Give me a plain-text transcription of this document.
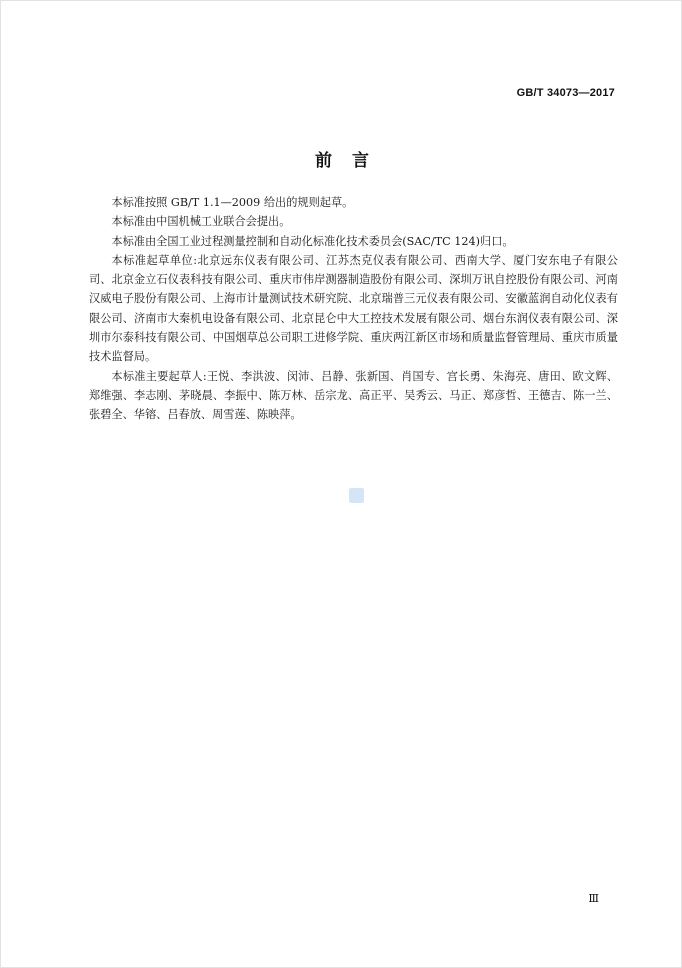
GB/T 34073—2017
前言

本标准按照 GB/T 1.1—2009 给出的规则起草。

本标准由中国机械工业联合会提出。

本标准由全国工业过程测量控制和自动化标准化技术委员会(SAC/TC 124)归口。

本标准起草单位:北京远东仪表有限公司、江苏杰克仪表有限公司、西南大学、厦门安东电子有限公司、北京金立石仪表科技有限公司、重庆市伟岸测器制造股份有限公司、深圳万讯自控股份有限公司、河南汉威电子股份有限公司、上海市计量测试技术研究院、北京瑞普三元仪表有限公司、安徽蓝润自动化仪表有限公司、济南市大秦机电设备有限公司、北京昆仑中大工控技术发展有限公司、烟台东润仪表有限公司、深圳市尔泰科技有限公司、中国烟草总公司职工进修学院、重庆两江新区市场和质量监督管理局、重庆市质量技术监督局。

本标准主要起草人:王悦、李洪波、闵沛、吕静、张新国、肖国专、宫长勇、朱海亮、唐田、欧文辉、郑维强、李志刚、茅晓晨、李振中、陈万林、岳宗龙、高正平、吴秀云、马正、郑彦哲、王德吉、陈一兰、张碧全、华镕、吕春放、周雪莲、陈映萍。

Ⅲ
